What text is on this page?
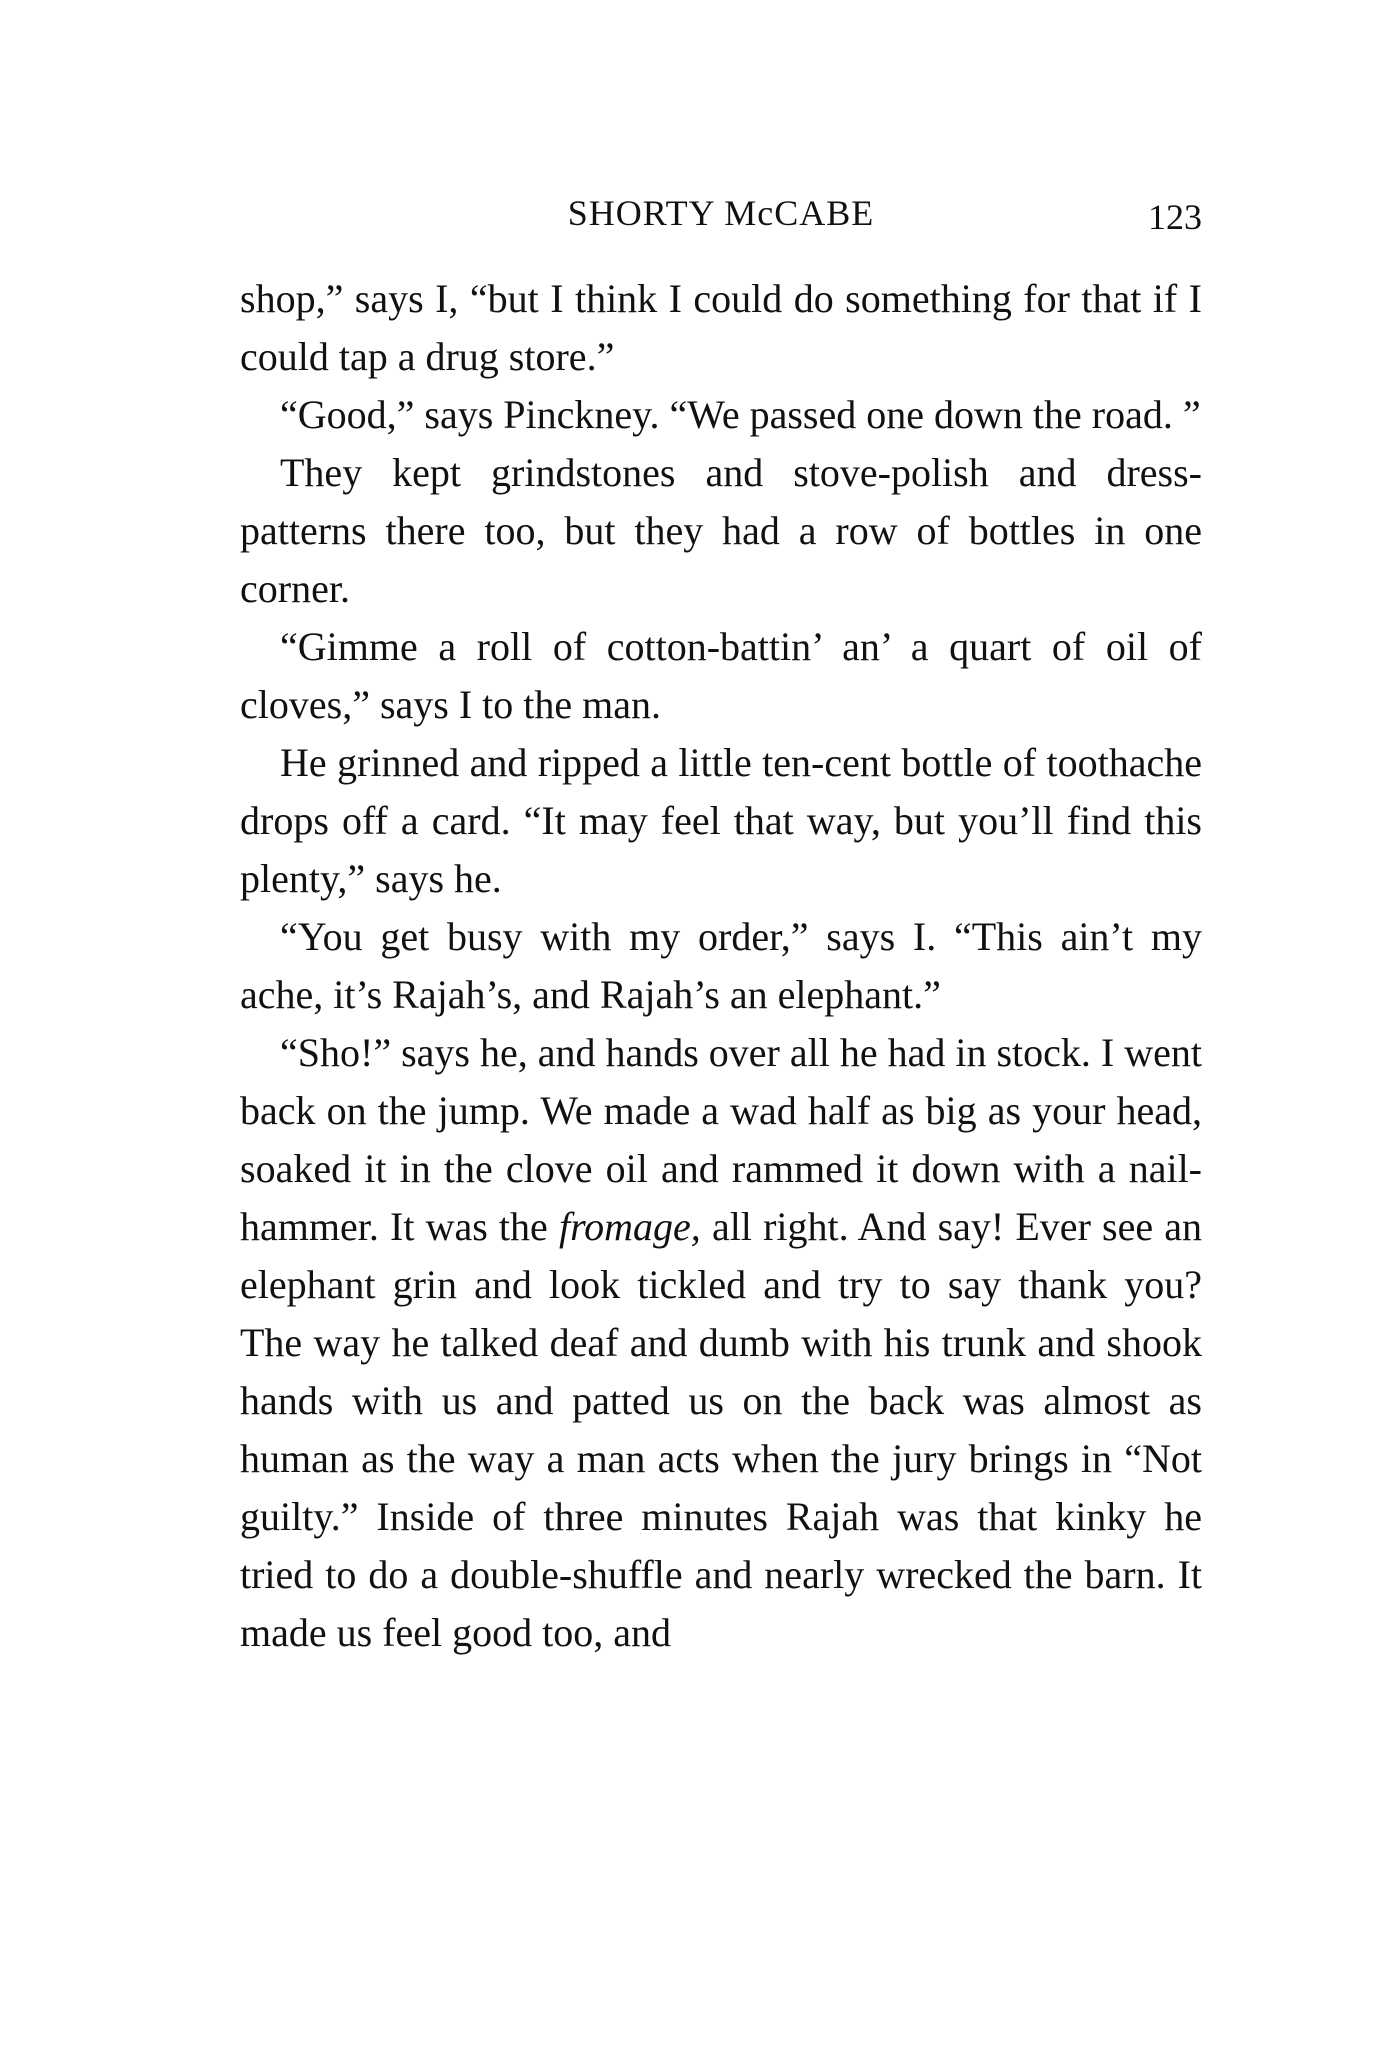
SHORTY McCABE	123

shop,” says I, “but I think I could do something for that if I could tap a drug store.”

“Good,” says Pinckney. “We passed one down the road. ”

They kept grindstones and stove-polish and dress-patterns there too, but they had a row of bottles in one corner.

“Gimme a roll of cotton-battin’ an’ a quart of oil of cloves,” says I to the man.

He grinned and ripped a little ten-cent bottle of toothache drops off a card. “It may feel that way, but you’ll find this plenty,” says he.

“You get busy with my order,” says I. “This ain’t my ache, it’s Rajah’s, and Rajah’s an elephant.”

“Sho!” says he, and hands over all he had in stock. I went back on the jump. We made a wad half as big as your head, soaked it in the clove oil and rammed it down with a nail-hammer. It was the fromage, all right. And say! Ever see an elephant grin and look tickled and try to say thank you? The way he talked deaf and dumb with his trunk and shook hands with us and patted us on the back was almost as human as the way a man acts when the jury brings in “Not guilty.” Inside of three minutes Rajah was that kinky he tried to do a double-shuffle and nearly wrecked the barn. It made us feel good too, and
